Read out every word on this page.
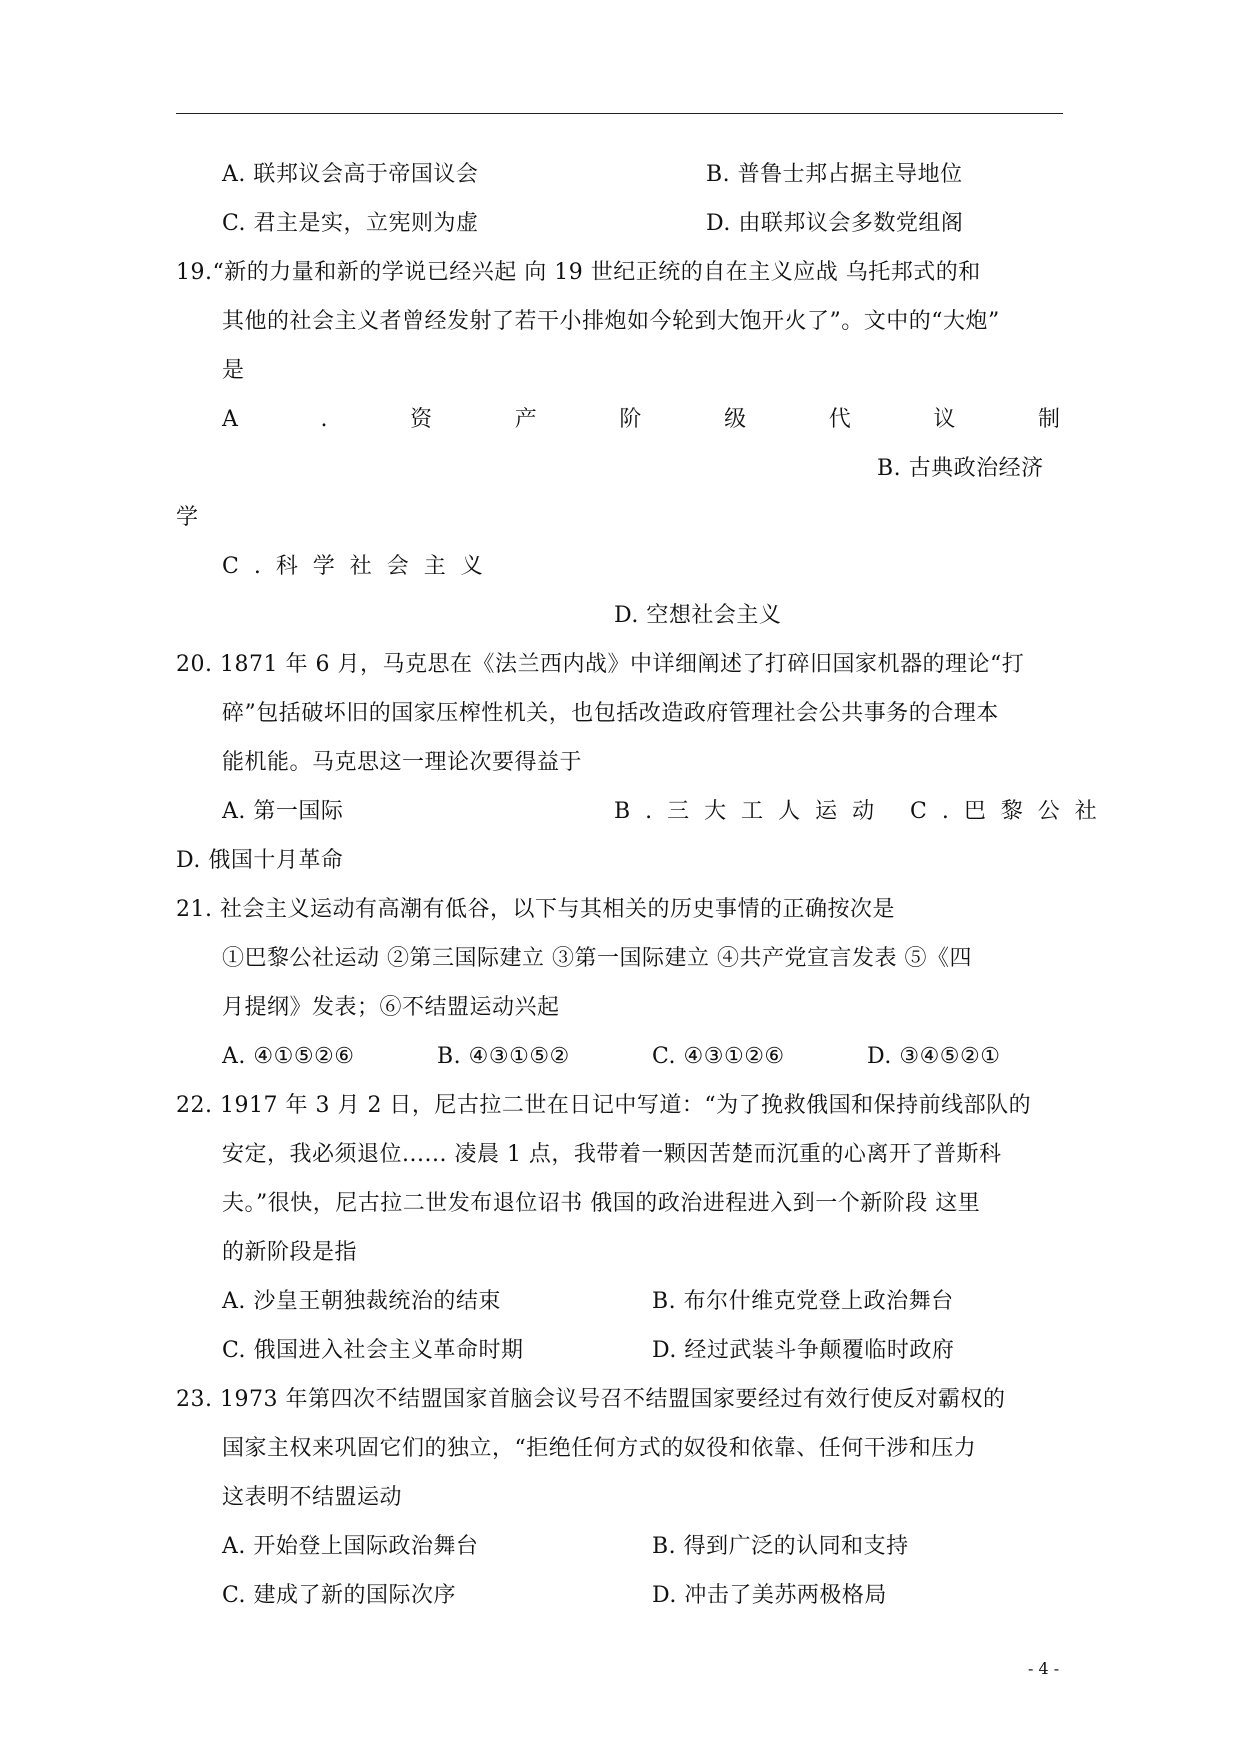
A. 联邦议会高于帝国议会	B. 普鲁士邦占据主导地位
C. 君主是实，立宪则为虚	D. 由联邦议会多数党组阁
19.“新的力量和新的学说已经兴起 向 19 世纪正统的自在主义应战 乌托邦式的和
其他的社会主义者曾经发射了若干小排炮如今轮到大饱开火了”。文中的“大炮”
是
A	.	资	产	阶	级	代	议	制
B. 古典政治经济
学
C . 科 学 社 会 主 义
D. 空想社会主义
20. 1871 年 6 月，马克思在《法兰西内战》中详细阐述了打碎旧国家机器的理论“打
碎”包括破坏旧的国家压榨性机关，也包括改造政府管理社会公共事务的合理本
能机能。马克思这一理论次要得益于
A. 第一国际	B . 三 大 工 人 运 动 C . 巴 黎 公 社
D. 俄国十月革命
21. 社会主义运动有高潮有低谷，以下与其相关的历史事情的正确按次是
①巴黎公社运动 ②第三国际建立 ③第一国际建立 ④共产党宣言发表 ⑤《四
月提纲》发表；⑥不结盟运动兴起
A. ④①⑤②⑥	B. ④③①⑤②	C. ④③①②⑥	D. ③④⑤②①
22. 1917 年 3 月 2 日，尼古拉二世在日记中写道：“为了挽救俄国和保持前线部队的
安定，我必须退位...... 凌晨 1 点，我带着一颗因苦楚而沉重的心离开了普斯科
夫。”很快，尼古拉二世发布退位诏书 俄国的政治进程进入到一个新阶段 这里
的新阶段是指
A. 沙皇王朝独裁统治的结束	B. 布尔什维克党登上政治舞台
C. 俄国进入社会主义革命时期	D. 经过武装斗争颠覆临时政府
23. 1973 年第四次不结盟国家首脑会议号召不结盟国家要经过有效行使反对霸权的
国家主权来巩固它们的独立，“拒绝任何方式的奴役和依靠、任何干涉和压力
这表明不结盟运动
A. 开始登上国际政治舞台	B. 得到广泛的认同和支持
C. 建成了新的国际次序	D. 冲击了美苏两极格局
- 4 -
